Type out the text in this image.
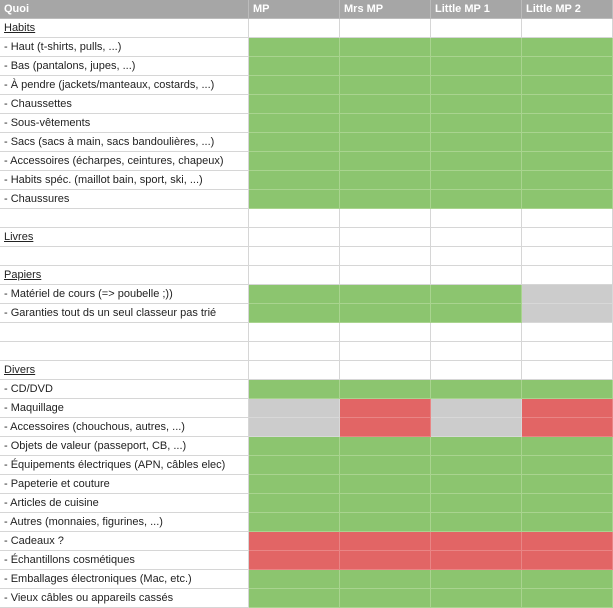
Quoi	MP	Mrs MP	Little MP 1	Little MP 2
Habits
- Haut (t-shirts, pulls, ...)
- Bas (pantalons, jupes, ...)
- À pendre (jackets/manteaux, costards, ...)
- Chaussettes
- Sous-vêtements
- Sacs (sacs à main, sacs bandoulières, ...)
- Accessoires (écharpes, ceintures, chapeux)
- Habits spéc. (maillot bain, sport, ski, ...)
- Chaussures
Livres
Papiers
- Matériel de cours (=> poubelle ;))
- Garanties tout ds un seul classeur pas trié
Divers
- CD/DVD
- Maquillage
- Accessoires (chouchous, autres, ...)
- Objets de valeur (passeport, CB, ...)
- Équipements électriques (APN, câbles elec)
- Papeterie et couture
- Articles de cuisine
- Autres (monnaies, figurines, ...)
- Cadeaux ?
- Échantillons cosmétiques
- Emballages électroniques (Mac, etc.)
- Vieux câbles ou appareils cassés
